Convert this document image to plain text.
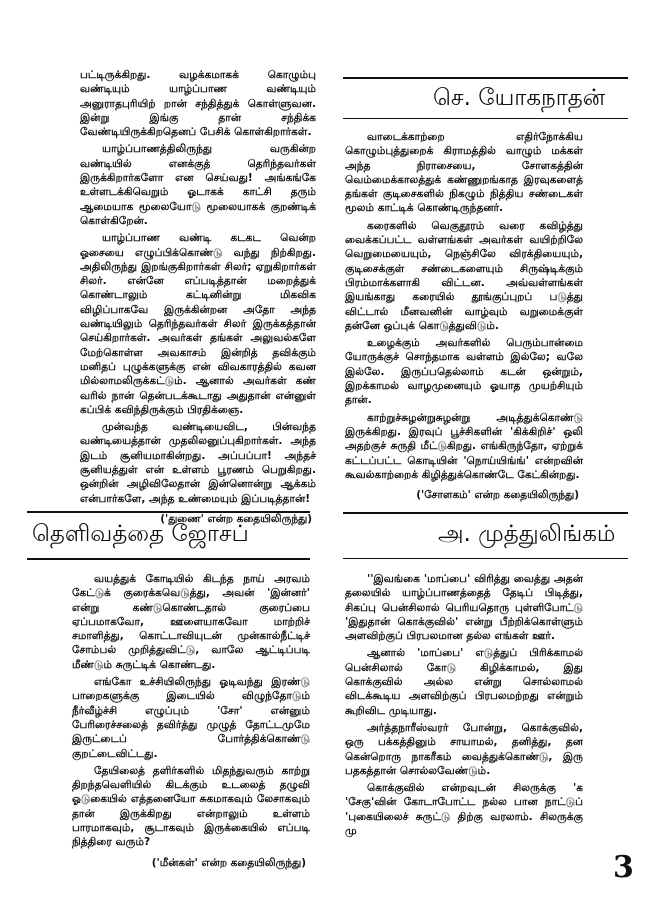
செ. யோகநாதன்

பட்டிருக்கிறது. வழக்கமாகக் கொழும்பு வண்டியும் யாழ்ப்பாண வண்டியும் அனுராதபுரியிற் றான் சந்தித்துக் கொள்ளுவன. இன்று இங்கு தான் சந்திக்க வேண்டியிருக்கிறதெனப் பேசிக் கொள்கிறார்கள்.

யாழ்ப்பாணத்திலிருந்து வருகின்ற வண்டியில் எனக்குத் தெரிந்தவர்கள் இருக்கிறார்களோ என செய்வது! அங்கங்கே உள்ளடக்கிவெறும் ஓடாகக் காட்சி தரும் ஆமையாக மூலையோடு மூலையாகக் குறண்டிக் கொள்கிறேன்.

யாழ்ப்பாண வண்டி கடகட வென்ற ஓசையை எழுப்பிக்கொண்டு வந்து நிற்கிறது. அதிலிருந்து இறங்குகிறார்கள் சிலர்; ஏறுகிறார்கள் சிலர். என்னே எப்படித்தான் மறைத்துக் கொண்டாலும் கட்டினின்று மிகவிக விழிப்பாகவே இருக்கின்றன அதோ அந்த வண்டியிலும் தெரிந்தவர்கள் சிலர் இருக்கத்தான் செய்கிறார்கள். அவர்கள் தங்கள் அலுவல்களே மேற்கொள்ள அவகாசம் இன்றித் தவிக்கும் மனிதப் புழுக்களுக்கு என் விவகாரத்தில் கவன மில்லாமலிருக்கட்டும். ஆனால் அவர்கள் கண் வரில் நான் தென்படக்கூடாது அதுதான் என்னுள் கப்பிக் கவிந்திருக்கும் பிரதிக்ஞை.

முன்வந்த வண்டியைவிட, பின்வந்த வண்டியைத்தான் முதலிலனுப்புகிறார்கள். அந்த இடம் சூனியமாகின்றது. அப்பப்பா! அந்தச் சூனியத்துள் என் உள்ளம் பூரணம் பெறுகிறது. ஒன்றின் அழிவிலேதான் இன்னொன்று ஆக்கம் என்பார்களே, அந்த உண்மையும் இப்படித்தான்!

('துணை' என்ற கதையிலிருந்து)

வாடைக்காற்றை எதிர்நோக்கிய கொழும்புத்துறைக் கிராமத்தில் வாழும் மக்கள் அந்த நிராசையை, சோளகத்தின் வெம்மைக்காலத்துக் கண்ணுறங்காத இரவுகளைத் தங்கள் குடிசைகளில் நிகழும் நித்திய சண்டைகள் மூலம் காட்டிக் கொண்டிருந்தனர்.

கரைகளில் வெகுதூரம் வரை கவிழ்த்து வைக்கப்பட்ட வள்ளங்கள் அவர்கள் வயிற்றிலே வெறுமையையும், நெஞ்சிலே விரக்தியையும், குடிசைக்குள் சண்டைகளையும் சிருஷ்டிக்கும் பிரம்மாக்களாகி விட்டன. அவ்வள்ளங்கள் இயங்காது கரையில் தூங்குப்புறப் படுத்து விட்டால் மீனவனின் வாழ்வும் வறுமைக்குள் தன்னே ஒப்புக் கொடுத்துவிடும்.

உழைக்கும் அவர்களில் பெரும்பான்மை யோருக்குச் சொந்தமாக வள்ளம் இல்லே; வலே இல்லே. இருப்பதெல்லாம் கடன் ஒன்றும், இறக்காமல் வாழமுனையும் ஓயாத முயற்சியும் தான்.

காற்றுச்சுழன்றுசுழன்று அடித்துக்கொண்டு இருக்கிறது. இரவுப் பூச்சிகளின் 'கிக்கிறிச்' ஒலி அதற்குச் சுருதி மீட்டுகிறது. எங்கிருந்தோ, ஏற்றுக் கட்டப்பட்ட கொடியின் 'நொய்யிங்ங்' என்றவின் கூவல்காற்றைக் கிழித்துக்கொண்டே கேட்கின்றது.

('சோளகம்' என்ற கதையிலிருந்து)
தெளிவத்தை ஜோசப்	அ. முத்துலிங்கம்

வயத்துக் கோடியில் கிடந்த நாய் அரவம் கேட்டுக் குரைக்கவெடுத்து, அவன் 'இன்னர்' என்று கண்டுகொண்டதால் குரைப்பை ஏப்பமாகவோ, ஊளையாகவோ மாற்றிச் சமாளித்து, கொட்டாவியுடன் முன்கால்நீட்டிச் சோம்பல் முறித்துவிட்டு, வாலே ஆட்டிப்படி மீண்டும் சுருட்டிக் கொண்டது.

எங்கோ உச்சியிலிருந்து ஓடிவந்து இரண்டு பாறைகளுக்கு இடையில் விழுந்தோடும் நீர்வீழ்ச்சி எழுப்பும் 'சோ' என்னும் பேரிரைச்சலைத் தவிர்த்து முழுத் தோட்டமுமே இருட்டைப் போர்த்திக்கொண்டு குறட்டைவிட்டது.

தேயிலைத் தளிர்களில் மிதந்துவரும் காற்று திறந்தவெளியில் கிடக்கும் உடலைத் தழுவி ஓடுகையில் எத்தனையோ சுகமாகவும் லேசாகவும் தான் இருக்கிறது என்றாலும் உள்ளம் பாரமாகவும், சூடாகவும் இருக்கையில் எப்படி நித்திரை வரும்?

('மீன்கள்' என்ற கதையிலிருந்து)

''இவங்கை 'மாப்பை' விரித்து வைத்து அதன் தலையில் யாழ்ப்பாணத்தைத் தேடிப் பிடித்து, சிகப்பு பென்சிலால் பெரியதொரு புள்ளிபோட்டு 'இதுதான் கொக்குவில்' என்று பீற்றிக்கொள்ளும் அளவிற்குப் பிரபலமான தல்ல எங்கள் ஊர்.

ஆனால் 'மாப்பை' எடுத்துப் பிரிக்காமல் பென்சிலால் கோடு கிழிக்காமல், இது கொக்குவில் அல்ல என்று சொல்லாமல் விடக்கூடிய அளவிற்குப் பிரபலமற்றது என்றும் கூறிவிட முடியாது.

அர்த்தநாரீஸ்வரர் போன்று, கொக்குவில், ஒரு பக்கத்தினும் சாயாமல், தனித்து, தன கென்றொரு நாகரீகம் வைத்துக்கொண்டு, இரு பதகத்தான் சொல்லவேண்டும்.

கொக்குவில் என்றவுடன் சிலருக்கு 'க 'சேகு'வின் கோடாபோட்ட நல்ல பான நாட்டுப் 'புகையிலைச் சுருட்டு திற்கு வரலாம். சிலருக்கு மு

3
